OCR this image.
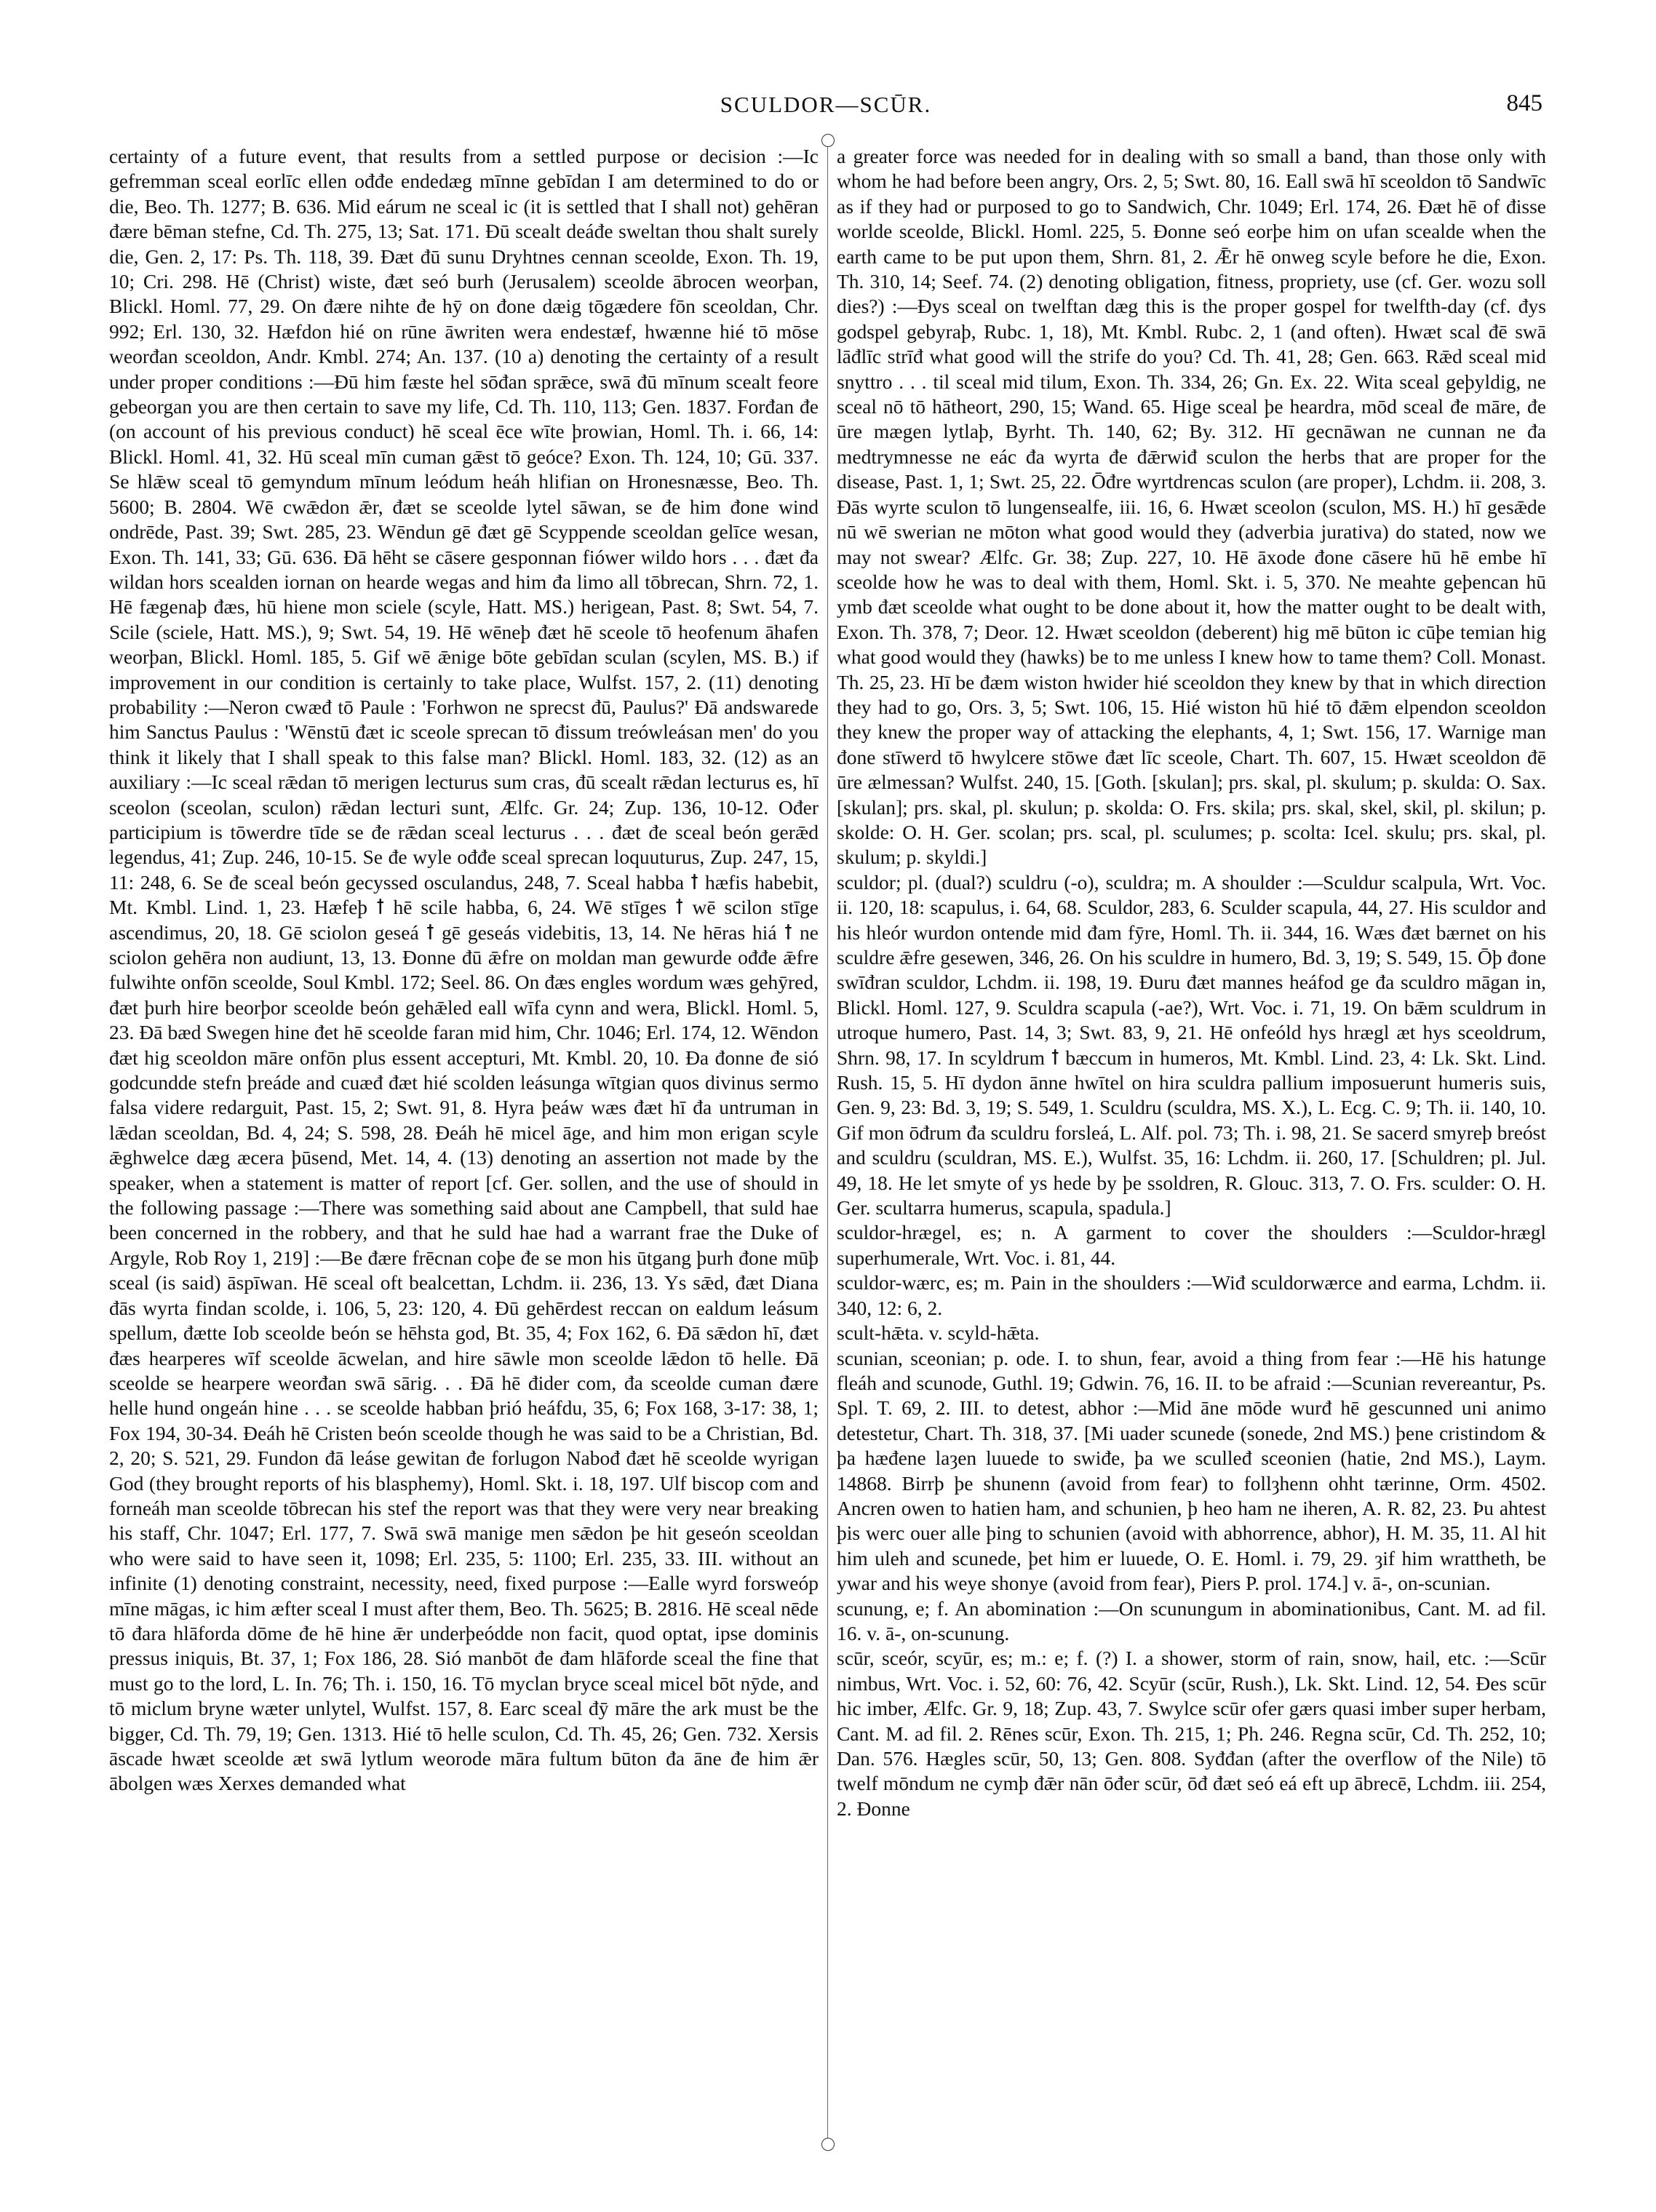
SCULDOR—SCŪR.	845

certainty of a future event, that results from a settled purpose or decision :—Ic gefremman sceal eorlīc ellen ođđe endedæg mīnne gebīdan I am determined to do or die, Beo. Th. 1277; B. 636. Mid eárum ne sceal ic (it is settled that I shall not) gehēran đære bēman stefne, Cd. Th. 275, 13; Sat. 171. Đū scealt deáđe sweltan thou shalt surely die, Gen. 2, 17: Ps. Th. 118, 39. Đæt đū sunu Dryhtnes cennan sceolde, Exon. Th. 19, 10; Cri. 298. Hē (Christ) wiste, đæt seó burh (Jerusalem) sceolde ābrocen weorþan, Blickl. Homl. 77, 29. On đære nihte đe hȳ on đone dæig tōgædere fōn sceoldan, Chr. 992; Erl. 130, 32. Hæfdon hié on rūne āwriten wera endestæf, hwænne hié tō mōse weorđan sceoldon, Andr. Kmbl. 274; An. 137. (10 a) denoting the certainty of a result under proper conditions :—Đū him fæste hel sōđan sprǣce, swā đū mīnum scealt feore gebeorgan you are then certain to save my life, Cd. Th. 110, 113; Gen. 1837. Forđan đe (on account of his previous conduct) hē sceal ēce wīte þrowian, Homl. Th. i. 66, 14: Blickl. Homl. 41, 32. Hū sceal mīn cuman gǣst tō geóce? Exon. Th. 124, 10; Gū. 337. Se hlǣw sceal tō gemyndum mīnum leódum heáh hlifian on Hronesnæsse, Beo. Th. 5600; B. 2804. Wē cwǣdon ǣr, đæt se sceolde lytel sāwan, se đe him đone wind ondrēde, Past. 39; Swt. 285, 23. Wēndun gē đæt gē Scyppende sceoldan gelīce wesan, Exon. Th. 141, 33; Gū. 636. Đā hēht se cāsere gesponnan fiówer wildo hors . . . đæt đa wildan hors scealden iornan on hearde wegas and him đa limo all tōbrecan, Shrn. 72, 1. Hē fægenaþ đæs, hū hiene mon sciele (scyle, Hatt. MS.) herigean, Past. 8; Swt. 54, 7. Scile (sciele, Hatt. MS.), 9; Swt. 54, 19. Hē wēneþ đæt hē sceole tō heofenum āhafen weorþan, Blickl. Homl. 185, 5. Gif wē ǣnige bōte gebīdan sculan (scylen, MS. B.) if improvement in our condition is certainly to take place, Wulfst. 157, 2. (11) denoting probability :—Neron cwæđ tō Paule : 'Forhwon ne sprecst đū, Paulus?' Đā andswarede him Sanctus Paulus : 'Wēnstū đæt ic sceole sprecan tō đissum treówleásan men' do you think it likely that I shall speak to this false man? Blickl. Homl. 183, 32. (12) as an auxiliary :—Ic sceal rǣdan tō merigen lecturus sum cras, đū scealt rǣdan lecturus es, hī sceolon (sceolan, sculon) rǣdan lecturi sunt, Ælfc. Gr. 24; Zup. 136, 10-12. Ođer participium is tōwerdre tīde se đe rǣdan sceal lecturus . . . đæt đe sceal beón gerǣd legendus, 41; Zup. 246, 10-15. Se đe wyle ođđe sceal sprecan loquuturus, Zup. 247, 15, 11: 248, 6. Se đe sceal beón gecyssed osculandus, 248, 7. Sceal habba ꝉ hæfis habebit, Mt. Kmbl. Lind. 1, 23. Hæfeþ ꝉ hē scile habba, 6, 24. Wē stīges ꝉ wē scilon stīge ascendimus, 20, 18. Gē sciolon geseá ꝉ gē geseás videbitis, 13, 14. Ne hēras hiá ꝉ ne sciolon gehēra non audiunt, 13, 13. Đonne đū ǣfre on moldan man gewurde ođđe ǣfre fulwihte onfōn sceolde, Soul Kmbl. 172; Seel. 86. On đæs engles wordum wæs gehȳred, đæt þurh hire beorþor sceolde beón gehǣled eall wīfa cynn and wera, Blickl. Homl. 5, 23. Đā bæd Swegen hine đet hē sceolde faran mid him, Chr. 1046; Erl. 174, 12. Wēndon đæt hig sceoldon māre onfōn plus essent accepturi, Mt. Kmbl. 20, 10. Đa đonne đe sió godcundde stefn þreáde and cuæđ đæt hié scolden leásunga wītgian quos divinus sermo falsa videre redarguit, Past. 15, 2; Swt. 91, 8. Hyra þeáw wæs đæt hī đa untruman in lǣdan sceoldan, Bd. 4, 24; S. 598, 28. Đeáh hē micel āge, and him mon erigan scyle ǣghwelce dæg æcera þūsend, Met. 14, 4. (13) denoting an assertion not made by the speaker, when a statement is matter of report [cf. Ger. sollen, and the use of should in the following passage :—There was something said about ane Campbell, that suld hae been concerned in the robbery, and that he suld hae had a warrant frae the Duke of Argyle, Rob Roy 1, 219] :—Be đære frēcnan coþe đe se mon his ūtgang þurh đone mūþ sceal (is said) āspīwan. Hē sceal oft bealcettan, Lchdm. ii. 236, 13. Ys sǣd, đæt Diana đās wyrta findan scolde, i. 106, 5, 23: 120, 4. Đū gehērdest reccan on ealdum leásum spellum, đætte Iob sceolde beón se hēhsta god, Bt. 35, 4; Fox 162, 6. Đā sǣdon hī, đæt đæs hearperes wīf sceolde ācwelan, and hire sāwle mon sceolde lǣdon tō helle. Đā sceolde se hearpere weorđan swā sārig. . . Đā hē đider com, đa sceolde cuman đære helle hund ongeán hine . . . se sceolde habban þrió heáfdu, 35, 6; Fox 168, 3-17: 38, 1; Fox 194, 30-34. Đeáh hē Cristen beón sceolde though he was said to be a Christian, Bd. 2, 20; S. 521, 29. Fundon đā leáse gewitan đe forlugon Nabođ đæt hē sceolde wyrigan God (they brought reports of his blasphemy), Homl. Skt. i. 18, 197. Ulf biscop com and forneáh man sceolde tōbrecan his stef the report was that they were very near breaking his staff, Chr. 1047; Erl. 177, 7. Swā swā manige men sǣdon þe hit geseón sceoldan who were said to have seen it, 1098; Erl. 235, 5: 1100; Erl. 235, 33. III. without an infinite (1) denoting constraint, necessity, need, fixed purpose :—Ealle wyrd forsweóp mīne māgas, ic him æfter sceal I must after them, Beo. Th. 5625; B. 2816. Hē sceal nēde tō đara hlāforda dōme đe hē hine ǣr underþeódde non facit, quod optat, ipse dominis pressus iniquis, Bt. 37, 1; Fox 186, 28. Sió manbōt đe đam hlāforde sceal the fine that must go to the lord, L. In. 76; Th. i. 150, 16. Tō myclan bryce sceal micel bōt nȳde, and tō miclum bryne wæter unlytel, Wulfst. 157, 8. Earc sceal đȳ māre the ark must be the bigger, Cd. Th. 79, 19; Gen. 1313. Hié tō helle sculon, Cd. Th. 45, 26; Gen. 732. Xersis āscade hwæt sceolde æt swā lytlum weorode māra fultum būton đa āne đe him ǣr ābolgen wæs Xerxes demanded what

a greater force was needed for in dealing with so small a band, than those only with whom he had before been angry, Ors. 2, 5; Swt. 80, 16. Eall swā hī sceoldon tō Sandwīc as if they had or purposed to go to Sandwich, Chr. 1049; Erl. 174, 26. Đæt hē of đisse worlde sceolde, Blickl. Homl. 225, 5. Đonne seó eorþe him on ufan scealde when the earth came to be put upon them, Shrn. 81, 2. Ǣr hē onweg scyle before he die, Exon. Th. 310, 14; Seef. 74. (2) denoting obligation, fitness, propriety, use (cf. Ger. wozu soll dies?) :—Đys sceal on twelftan dæg this is the proper gospel for twelfth-day (cf. đys godspel gebyraþ, Rubc. 1, 18), Mt. Kmbl. Rubc. 2, 1 (and often). Hwæt scal đē swā lāđlīc strīđ what good will the strife do you? Cd. Th. 41, 28; Gen. 663. Rǣd sceal mid snyttro . . . til sceal mid tilum, Exon. Th. 334, 26; Gn. Ex. 22. Wita sceal geþyldig, ne sceal nō tō hātheort, 290, 15; Wand. 65. Hige sceal þe heardra, mōd sceal đe māre, đe ūre mægen lytlaþ, Byrht. Th. 140, 62; By. 312. Hī gecnāwan ne cunnan ne đa medtrymnesse ne eác đa wyrta đe đǣrwiđ sculon the herbs that are proper for the disease, Past. 1, 1; Swt. 25, 22. Ōđre wyrtdrencas sculon (are proper), Lchdm. ii. 208, 3. Đās wyrte sculon tō lungensealfe, iii. 16, 6. Hwæt sceolon (sculon, MS. H.) hī gesǣde nū wē swerian ne mōton what good would they (adverbia jurativa) do stated, now we may not swear? Ælfc. Gr. 38; Zup. 227, 10. Hē āxode đone cāsere hū hē embe hī sceolde how he was to deal with them, Homl. Skt. i. 5, 370. Ne meahte geþencan hū ymb đæt sceolde what ought to be done about it, how the matter ought to be dealt with, Exon. Th. 378, 7; Deor. 12. Hwæt sceoldon (deberent) hig mē būton ic cūþe temian hig what good would they (hawks) be to me unless I knew how to tame them? Coll. Monast. Th. 25, 23. Hī be đæm wiston hwider hié sceoldon they knew by that in which direction they had to go, Ors. 3, 5; Swt. 106, 15. Hié wiston hū hié tō đǣm elpendon sceoldon they knew the proper way of attacking the elephants, 4, 1; Swt. 156, 17. Warnige man đone stīwerd tō hwylcere stōwe đæt līc sceole, Chart. Th. 607, 15. Hwæt sceoldon đē ūre ælmessan? Wulfst. 240, 15. [Goth. [skulan]; prs. skal, pl. skulum; p. skulda: O. Sax. [skulan]; prs. skal, pl. skulun; p. skolda: O. Frs. skila; prs. skal, skel, skil, pl. skilun; p. skolde: O. H. Ger. scolan; prs. scal, pl. sculumes; p. scolta: Icel. skulu; prs. skal, pl. skulum; p. skyldi.]

sculdor; pl. (dual?) sculdru (-o), sculdra; m. A shoulder :—Sculdur scalpula, Wrt. Voc. ii. 120, 18: scapulus, i. 64, 68. Sculdor, 283, 6. Sculder scapula, 44, 27. His sculdor and his hleór wurdon ontende mid đam fȳre, Homl. Th. ii. 344, 16. Wæs đæt bærnet on his sculdre ǣfre gesewen, 346, 26. On his sculdre in humero, Bd. 3, 19; S. 549, 15. Ōþ đone swīđran sculdor, Lchdm. ii. 198, 19. Đuru đæt mannes heáfod ge đa sculdro māgan in, Blickl. Homl. 127, 9. Sculdra scapula (-ae?), Wrt. Voc. i. 71, 19. On bǣm sculdrum in utroque humero, Past. 14, 3; Swt. 83, 9, 21. Hē onfeóld hys hrægl æt hys sceoldrum, Shrn. 98, 17. In scyldrum ꝉ bæccum in humeros, Mt. Kmbl. Lind. 23, 4: Lk. Skt. Lind. Rush. 15, 5. Hī dydon ānne hwītel on hira sculdra pallium imposuerunt humeris suis, Gen. 9, 23: Bd. 3, 19; S. 549, 1. Sculdru (sculdra, MS. X.), L. Ecg. C. 9; Th. ii. 140, 10. Gif mon ōđrum đa sculdru forsleá, L. Alf. pol. 73; Th. i. 98, 21. Se sacerd smyreþ breóst and sculdru (sculdran, MS. E.), Wulfst. 35, 16: Lchdm. ii. 260, 17. [Schuldren; pl. Jul. 49, 18. He let smyte of ys hede by þe ssoldren, R. Glouc. 313, 7. O. Frs. sculder: O. H. Ger. scultarra humerus, scapula, spadula.]

sculdor-hrægel, es; n. A garment to cover the shoulders :—Sculdor-hrægl superhumerale, Wrt. Voc. i. 81, 44.

sculdor-wærc, es; m. Pain in the shoulders :—Wiđ sculdorwærce and earma, Lchdm. ii. 340, 12: 6, 2.

scult-hǣta. v. scyld-hǣta.

scunian, sceonian; p. ode. I. to shun, fear, avoid a thing from fear :—Hē his hatunge fleáh and scunode, Guthl. 19; Gdwin. 76, 16. II. to be afraid :—Scunian revereantur, Ps. Spl. T. 69, 2. III. to detest, abhor :—Mid āne mōde wurđ hē gescunned uni animo detestetur, Chart. Th. 318, 37. [Mi uader scunede (sonede, 2nd MS.) þene cristindom & þa hæđene laȝen luuede to swiđe, þa we sculleđ sceonien (hatie, 2nd MS.), Laym. 14868. Birrþ þe shunenn (avoid from fear) to follȝhenn ohht tærinne, Orm. 4502. Ancren owen to hatien ham, and schunien, þ heo ham ne iheren, A. R. 82, 23. Þu ahtest þis werc ouer alle þing to schunien (avoid with abhorrence, abhor), H. M. 35, 11. Al hit him uleh and scunede, þet him er luuede, O. E. Homl. i. 79, 29. ȝif him wrattheth, be ywar and his weye shonye (avoid from fear), Piers P. prol. 174.] v. ā-, on-scunian.

scunung, e; f. An abomination :—On scunungum in abominationibus, Cant. M. ad fil. 16. v. ā-, on-scunung.

scūr, sceór, scyūr, es; m.: e; f. (?) I. a shower, storm of rain, snow, hail, etc. :—Scūr nimbus, Wrt. Voc. i. 52, 60: 76, 42. Scyūr (scūr, Rush.), Lk. Skt. Lind. 12, 54. Đes scūr hic imber, Ælfc. Gr. 9, 18; Zup. 43, 7. Swylce scūr ofer gærs quasi imber super herbam, Cant. M. ad fil. 2. Rēnes scūr, Exon. Th. 215, 1; Ph. 246. Regna scūr, Cd. Th. 252, 10; Dan. 576. Hægles scūr, 50, 13; Gen. 808. Syđđan (after the overflow of the Nile) tō twelf mōndum ne cymþ đǣr nān ōđer scūr, ōđ đæt seó eá eft up ābrecē, Lchdm. iii. 254, 2. Đonne
